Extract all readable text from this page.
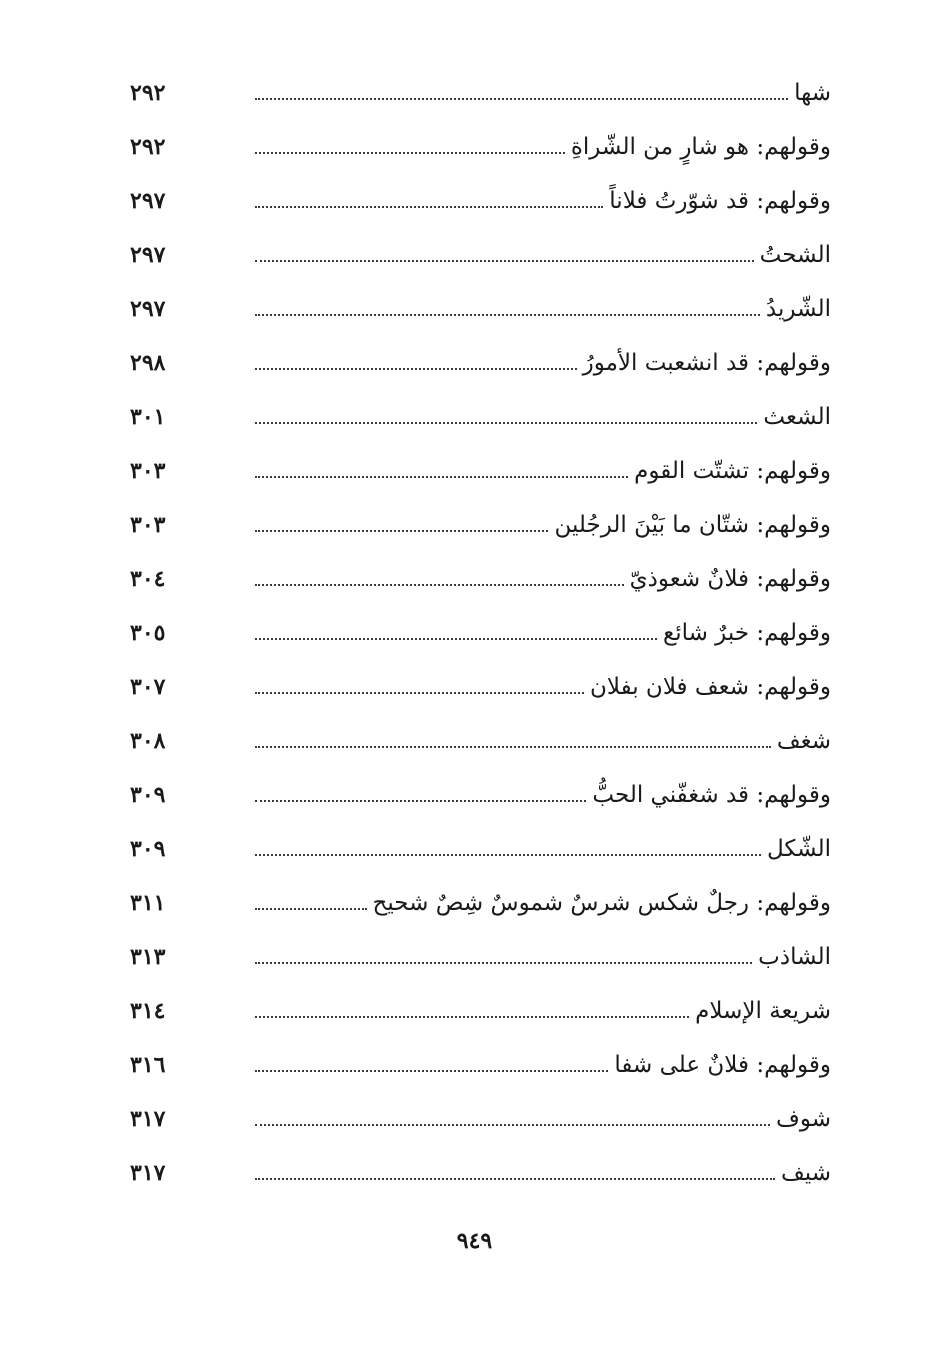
شها
٢٩٢
وقولهم: هو شارٍ من الشّراةِ
٢٩٢
وقولهم: قد شوّرتُ فلاناً
٢٩٧
الشحتُ
٢٩٧
الشّريدُ
٢٩٧
وقولهم: قد انشعبت الأمورُ
٢٩٨
الشعث
٣٠١
وقولهم: تشتّت القوم
٣٠٣
وقولهم: شتّان ما بَيْنَ الرجُلين
٣٠٣
وقولهم: فلانٌ شعوذيّ
٣٠٤
وقولهم: خبرٌ شائع
٣٠٥
وقولهم: شعف فلان بفلان
٣٠٧
شغف
٣٠٨
وقولهم: قد شغفّني الحبُّ
٣٠٩
الشّكل
٣٠٩
وقولهم: رجلٌ شكس شرسٌ شموسٌ شِصٌ شحيح
٣١١
الشاذب
٣١٣
شريعة الإسلام
٣١٤
وقولهم: فلانٌ على شفا
٣١٦
شوف
٣١٧
شيف
٣١٧
٩٤٩
